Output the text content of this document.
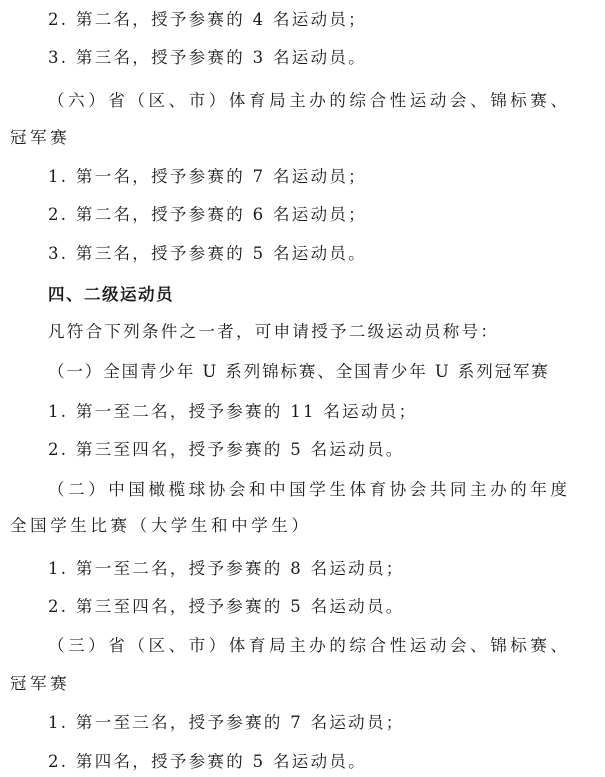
2. 第二名，授予参赛的 4 名运动员；
3. 第三名，授予参赛的 3 名运动员。
（六）省（区、市）体育局主办的综合性运动会、锦标赛、
冠军赛
1. 第一名，授予参赛的 7 名运动员；
2. 第二名，授予参赛的 6 名运动员；
3. 第三名，授予参赛的 5 名运动员。
四、二级运动员
凡符合下列条件之一者，可申请授予二级运动员称号：
（一）全国青少年 U 系列锦标赛、全国青少年 U 系列冠军赛
1. 第一至二名，授予参赛的 11 名运动员；
2. 第三至四名，授予参赛的 5 名运动员。
（二）中国橄榄球协会和中国学生体育协会共同主办的年度
全国学生比赛（大学生和中学生）
1. 第一至二名，授予参赛的 8 名运动员；
2. 第三至四名，授予参赛的 5 名运动员。
（三）省（区、市）体育局主办的综合性运动会、锦标赛、
冠军赛
1. 第一至三名，授予参赛的 7 名运动员；
2. 第四名，授予参赛的 5 名运动员。
